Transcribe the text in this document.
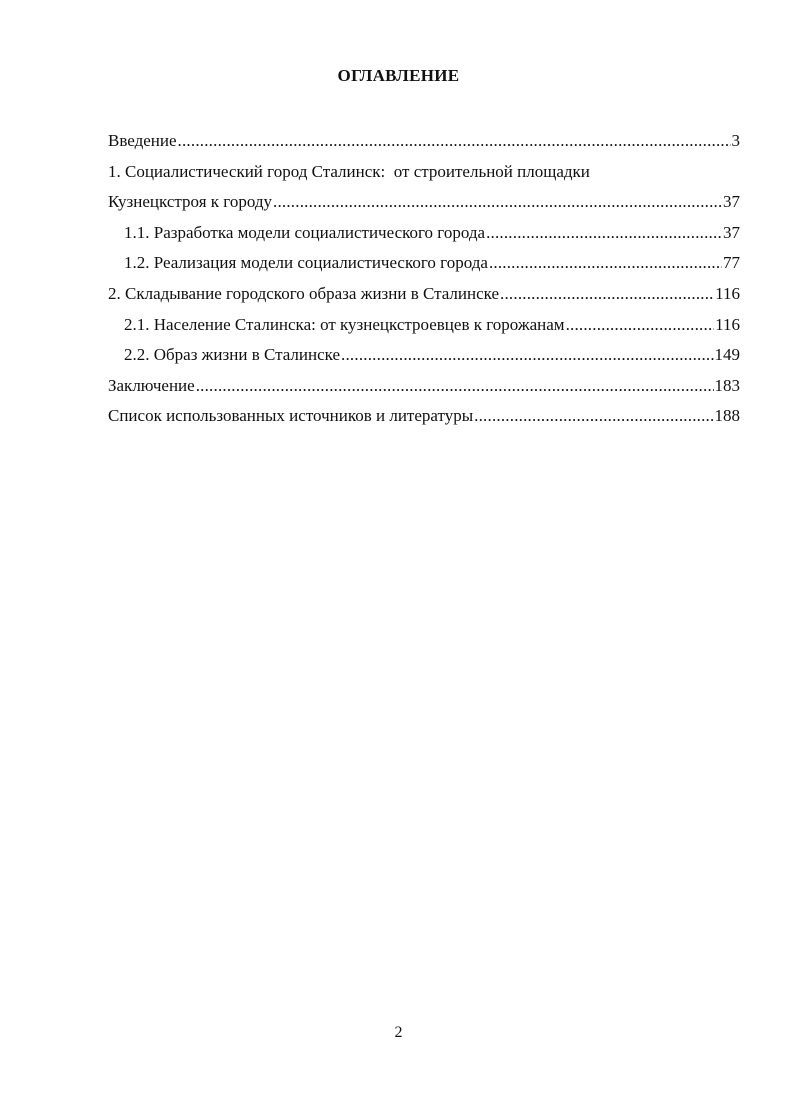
ОГЛАВЛЕНИЕ
Введение .....	3
1. Социалистический город Сталинск:  от строительной площадки
Кузнецкстроя к городу .....	37
1.1. Разработка модели социалистического города .....	37
1.2. Реализация модели социалистического города .....	77
2. Складывание городского образа жизни в Сталинске .....	116
2.1. Население Сталинска: от кузнецкстроевцев к горожанам .....	116
2.2. Образ жизни в Сталинске .....	149
Заключение .....	183
Список использованных источников и литературы .....	188
2
